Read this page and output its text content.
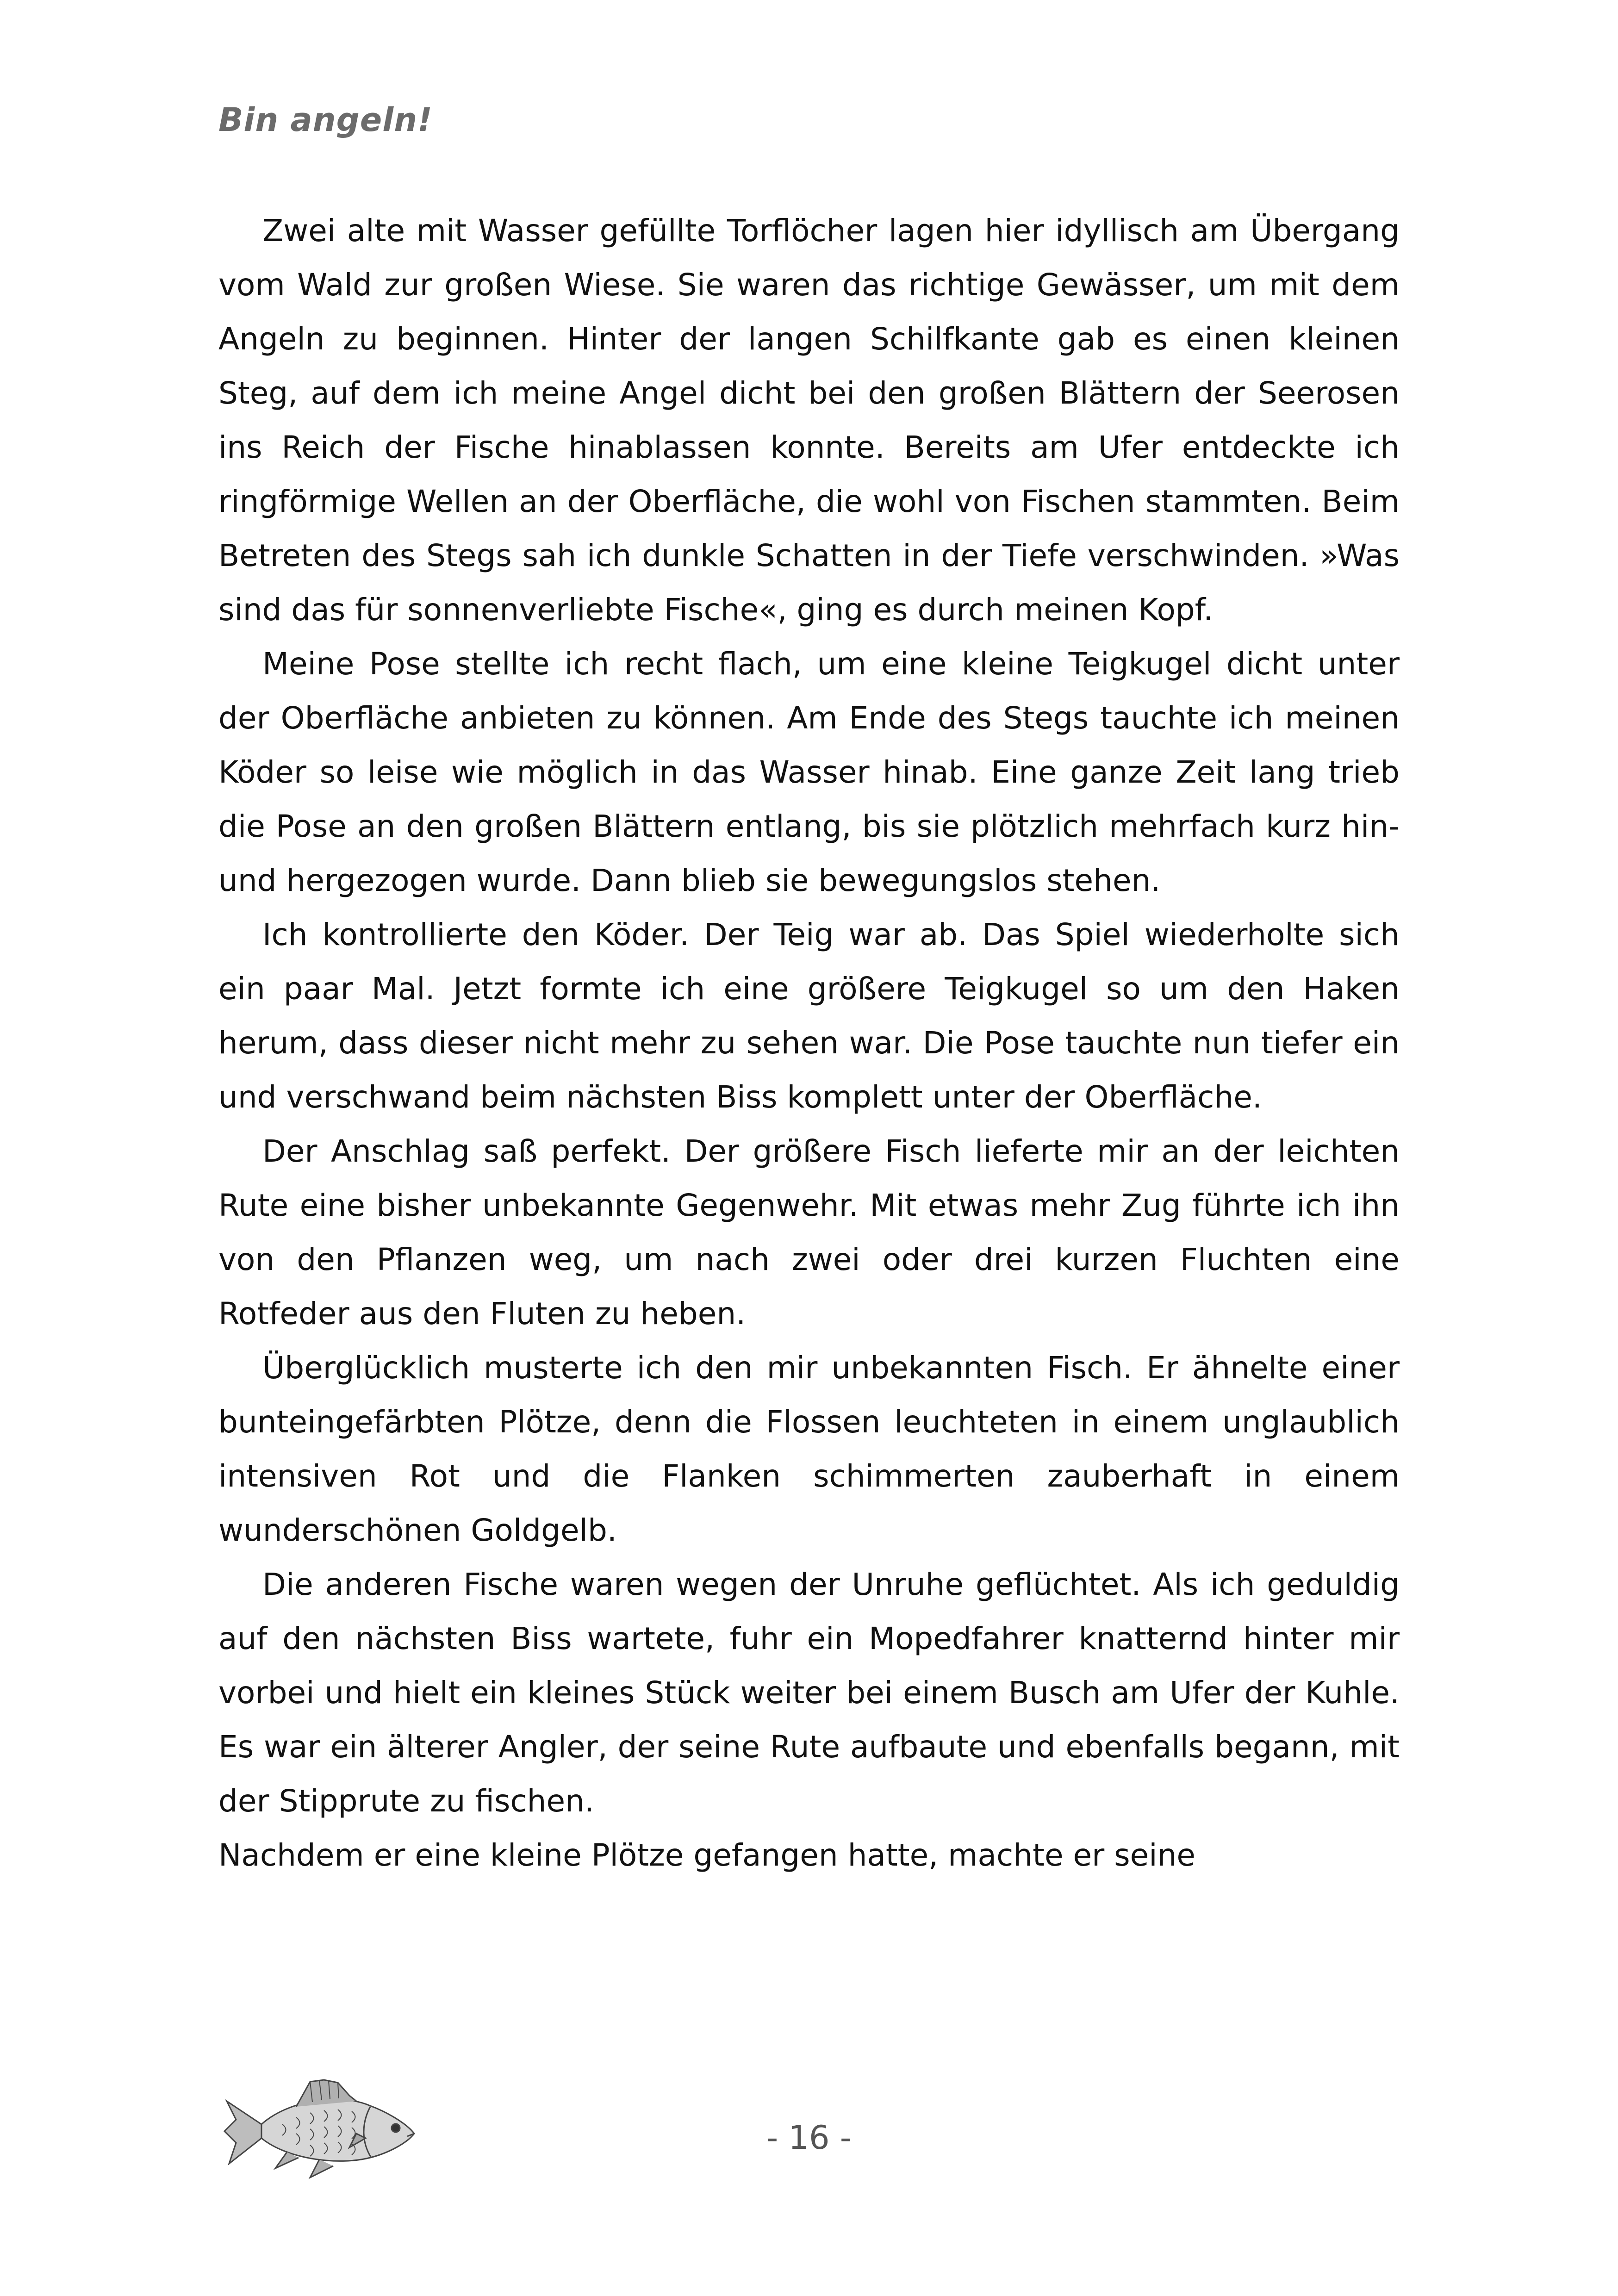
Bin angeln!

Zwei alte mit Wasser gefüllte Torflöcher lagen hier idyllisch am Übergang vom Wald zur großen Wiese. Sie waren das richtige Gewässer, um mit dem Angeln zu beginnen. Hinter der langen Schilfkante gab es einen kleinen Steg, auf dem ich meine Angel dicht bei den großen Blättern der Seerosen ins Reich der Fische hinablassen konnte. Bereits am Ufer entdeckte ich ringförmige Wellen an der Oberfläche, die wohl von Fischen stammten. Beim Betreten des Stegs sah ich dunkle Schatten in der Tiefe verschwinden. »Was sind das für sonnenverliebte Fische«, ging es durch meinen Kopf.

Meine Pose stellte ich recht flach, um eine kleine Teigkugel dicht unter der Oberfläche anbieten zu können. Am Ende des Stegs tauchte ich meinen Köder so leise wie möglich in das Wasser hinab. Eine ganze Zeit lang trieb die Pose an den großen Blättern entlang, bis sie plötzlich mehrfach kurz hin- und hergezogen wurde. Dann blieb sie bewegungslos stehen.

Ich kontrollierte den Köder. Der Teig war ab. Das Spiel wiederholte sich ein paar Mal. Jetzt formte ich eine größere Teigkugel so um den Haken herum, dass dieser nicht mehr zu sehen war. Die Pose tauchte nun tiefer ein und verschwand beim nächsten Biss komplett unter der Oberfläche.

Der Anschlag saß perfekt. Der größere Fisch lieferte mir an der leichten Rute eine bisher unbekannte Gegenwehr. Mit etwas mehr Zug führte ich ihn von den Pflanzen weg, um nach zwei oder drei kurzen Fluchten eine Rotfeder aus den Fluten zu heben.

Überglücklich musterte ich den mir unbekannten Fisch. Er ähnelte einer bunteingefärbten Plötze, denn die Flossen leuchteten in einem unglaublich intensiven Rot und die Flanken schimmerten zauberhaft in einem wunderschönen Goldgelb.

Die anderen Fische waren wegen der Unruhe geflüchtet. Als ich geduldig auf den nächsten Biss wartete, fuhr ein Mopedfahrer knatternd hinter mir vorbei und hielt ein kleines Stück weiter bei einem Busch am Ufer der Kuhle. Es war ein älterer Angler, der seine Rute aufbaute und ebenfalls begann, mit der Stipprute zu fischen.

Nachdem er eine kleine Plötze gefangen hatte, machte er seine

- 16 -
